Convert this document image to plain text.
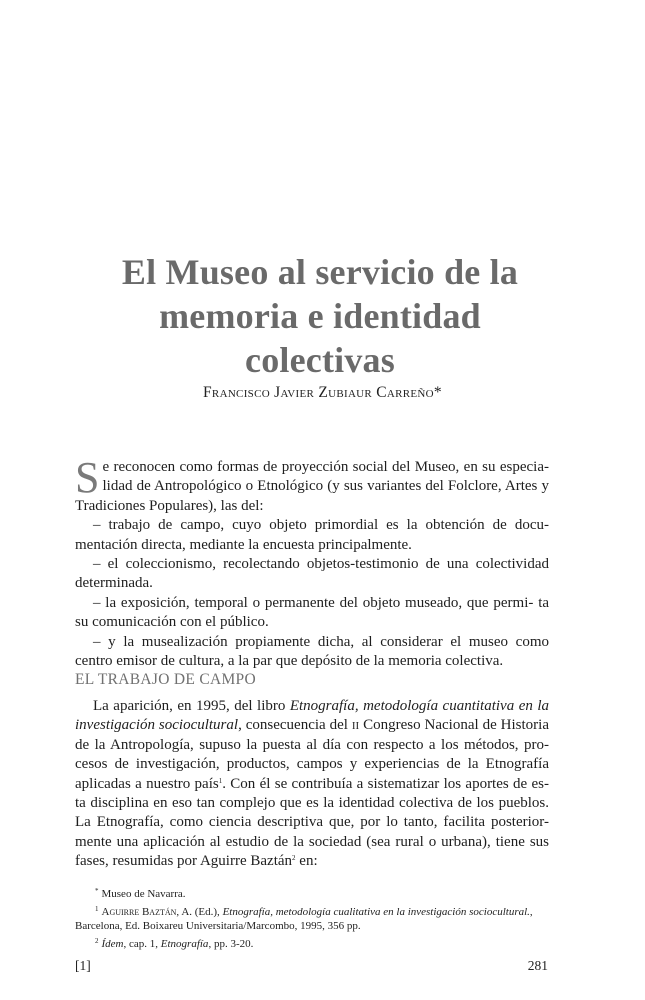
El Museo al servicio de la
memoria e identidad
colectivas
Francisco Javier Zubiaur Carreño*
S e reconocen como formas de proyección social del Museo, en su especia- lidad de Antropológico o Etnológico (y sus variantes del Folclore, Artes y Tradiciones Populares), las del:

– trabajo de campo, cuyo objeto primordial es la obtención de docu- mentación directa, mediante la encuesta principalmente.

– el coleccionismo, recolectando objetos-testimonio de una colectividad determinada.

– la exposición, temporal o permanente del objeto museado, que permi- ta su comunicación con el público.

– y la musealización propiamente dicha, al considerar el museo como centro emisor de cultura, a la par que depósito de la memoria colectiva.

EL TRABAJO DE CAMPO

La aparición, en 1995, del libro Etnografía, metodología cuantitativa en la investigación sociocultural, consecuencia del ii Congreso Nacional de Historia de la Antropología, supuso la puesta al día con respecto a los métodos, pro- cesos de investigación, productos, campos y experiencias de la Etnografía aplicadas a nuestro país$^1$. Con él se contribuía a sistematizar los aportes de es- ta disciplina en eso tan complejo que es la identidad colectiva de los pueblos. La Etnografía, como ciencia descriptiva que, por lo tanto, facilita posterior- mente una aplicación al estudio de la sociedad (sea rural o urbana), tiene sus fases, resumidas por Aguirre Baztán$^2$ en:

* Museo de Navarra.

$^1$ Aguirre Baztán, A. (Ed.), Etnografía, metodología cualitativa en la investigación sociocultural.,

Barcelona, Ed. Boixareu Universitaria/Marcombo, 1995, 356 pp.

$^2$ Ídem, cap. 1, Etnografía, pp. 3-20.

[1]	281
